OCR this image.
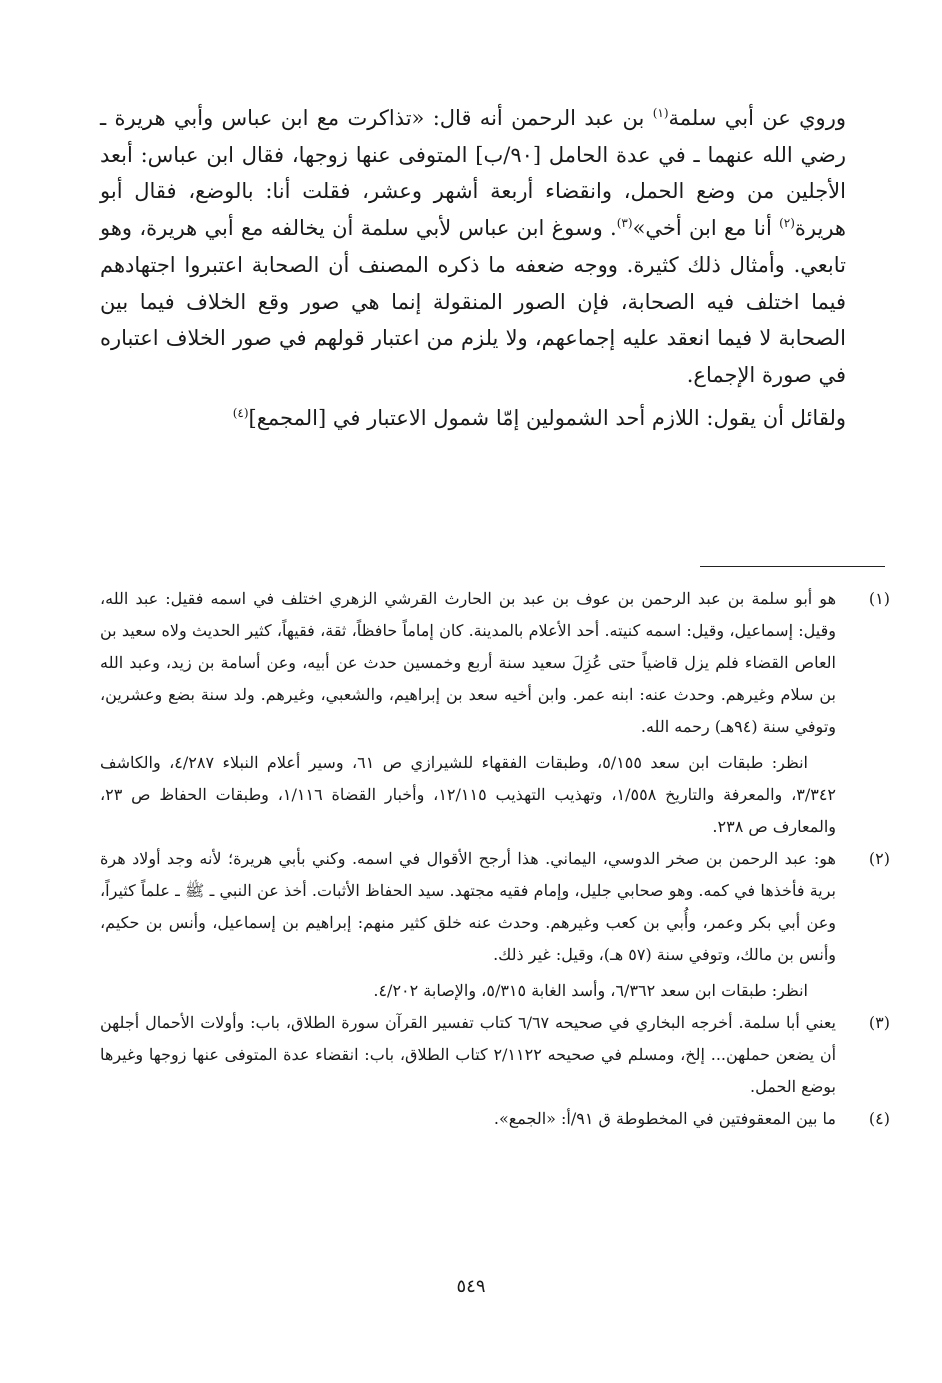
وروي عن أبي سلمة$^{(١)}$ بن عبد الرحمن أنه قال: «تذاكرت مع ابن عباس وأبي هريرة ـ رضي الله عنهما ـ في عدة الحامل [٩٠/ب] المتوفى عنها زوجها، فقال ابن عباس: أبعد الأجلين من وضع الحمل، وانقضاء أربعة أشهر وعشر، فقلت أنا: بالوضع، فقال أبو هريرة$^{(٢)}$ أنا مع ابن أخي»$^{(٣)}$. وسوغ ابن عباس لأبي سلمة أن يخالفه مع أبي هريرة، وهو تابعي. وأمثال ذلك كثيرة. ووجه ضعفه ما ذكره المصنف أن الصحابة اعتبروا اجتهادهم فيما اختلف فيه الصحابة، فإن الصور المنقولة إنما هي صور وقع الخلاف فيما بين الصحابة لا فيما انعقد عليه إجماعهم، ولا يلزم من اعتبار قولهم في صور الخلاف اعتباره في صورة الإجماع.

ولقائل أن يقول: اللازم أحد الشمولين إمّا شمول الاعتبار في [المجمع]$^{(٤)}$

(١)
هو أبو سلمة بن عبد الرحمن بن عوف بن عبد بن الحارث القرشي الزهري اختلف في اسمه فقيل: عبد الله، وقيل: إسماعيل، وقيل: اسمه كنيته. أحد الأعلام بالمدينة. كان إماماً حافظاً، ثقة، فقيهاً، كثير الحديث ولاه سعيد بن العاص القضاء فلم يزل قاضياً حتى عُزِلَ سعيد سنة أربع وخمسين حدث عن أبيه، وعن أسامة بن زيد، وعبد الله بن سلام وغيرهم. وحدث عنه: ابنه عمر. وابن أخيه سعد بن إبراهيم، والشعبي، وغيرهم. ولد سنة بضع وعشرين، وتوفي سنة (٩٤هـ) رحمه الله.
انظر: طبقات ابن سعد ٥/١٥٥، وطبقات الفقهاء للشيرازي ص ٦١، وسير أعلام النبلاء ٤/٢٨٧، والكاشف ٣/٣٤٢، والمعرفة والتاريخ ١/٥٥٨، وتهذيب التهذيب ١٢/١١٥، وأخبار القضاة ١/١١٦، وطبقات الحفاظ ص ٢٣، والمعارف ص ٢٣٨.
(٢)
هو: عبد الرحمن بن صخر الدوسي، اليماني. هذا أرجح الأقوال في اسمه. وكني بأبي هريرة؛ لأنه وجد أولاد هرة برية فأخذها في كمه. وهو صحابي جليل، وإمام فقيه مجتهد. سيد الحفاظ الأثبات. أخذ عن النبي ـ ﷺ ـ علماً كثيراً، وعن أبي بكر وعمر، وأُبي بن كعب وغيرهم. وحدث عنه خلق كثير منهم: إبراهيم بن إسماعيل، وأنس بن حكيم، وأنس بن مالك، وتوفي سنة (٥٧ هـ)، وقيل: غير ذلك.
انظر: طبقات ابن سعد ٦/٣٦٢، وأسد الغابة ٥/٣١٥، والإصابة ٤/٢٠٢.
(٣)
يعني أبا سلمة. أخرجه البخاري في صحيحه ٦/٦٧ كتاب تفسير القرآن سورة الطلاق، باب: وأولات الأحمال أجلهن أن يضعن حملهن... إلخ، ومسلم في صحيحه ٢/١١٢٢ كتاب الطلاق، باب: انقضاء عدة المتوفى عنها زوجها وغيرها بوضع الحمل.
(٤)
ما بين المعقوفتين في المخطوطة ق ٩١/أ: «الجمع».
٥٤٩
